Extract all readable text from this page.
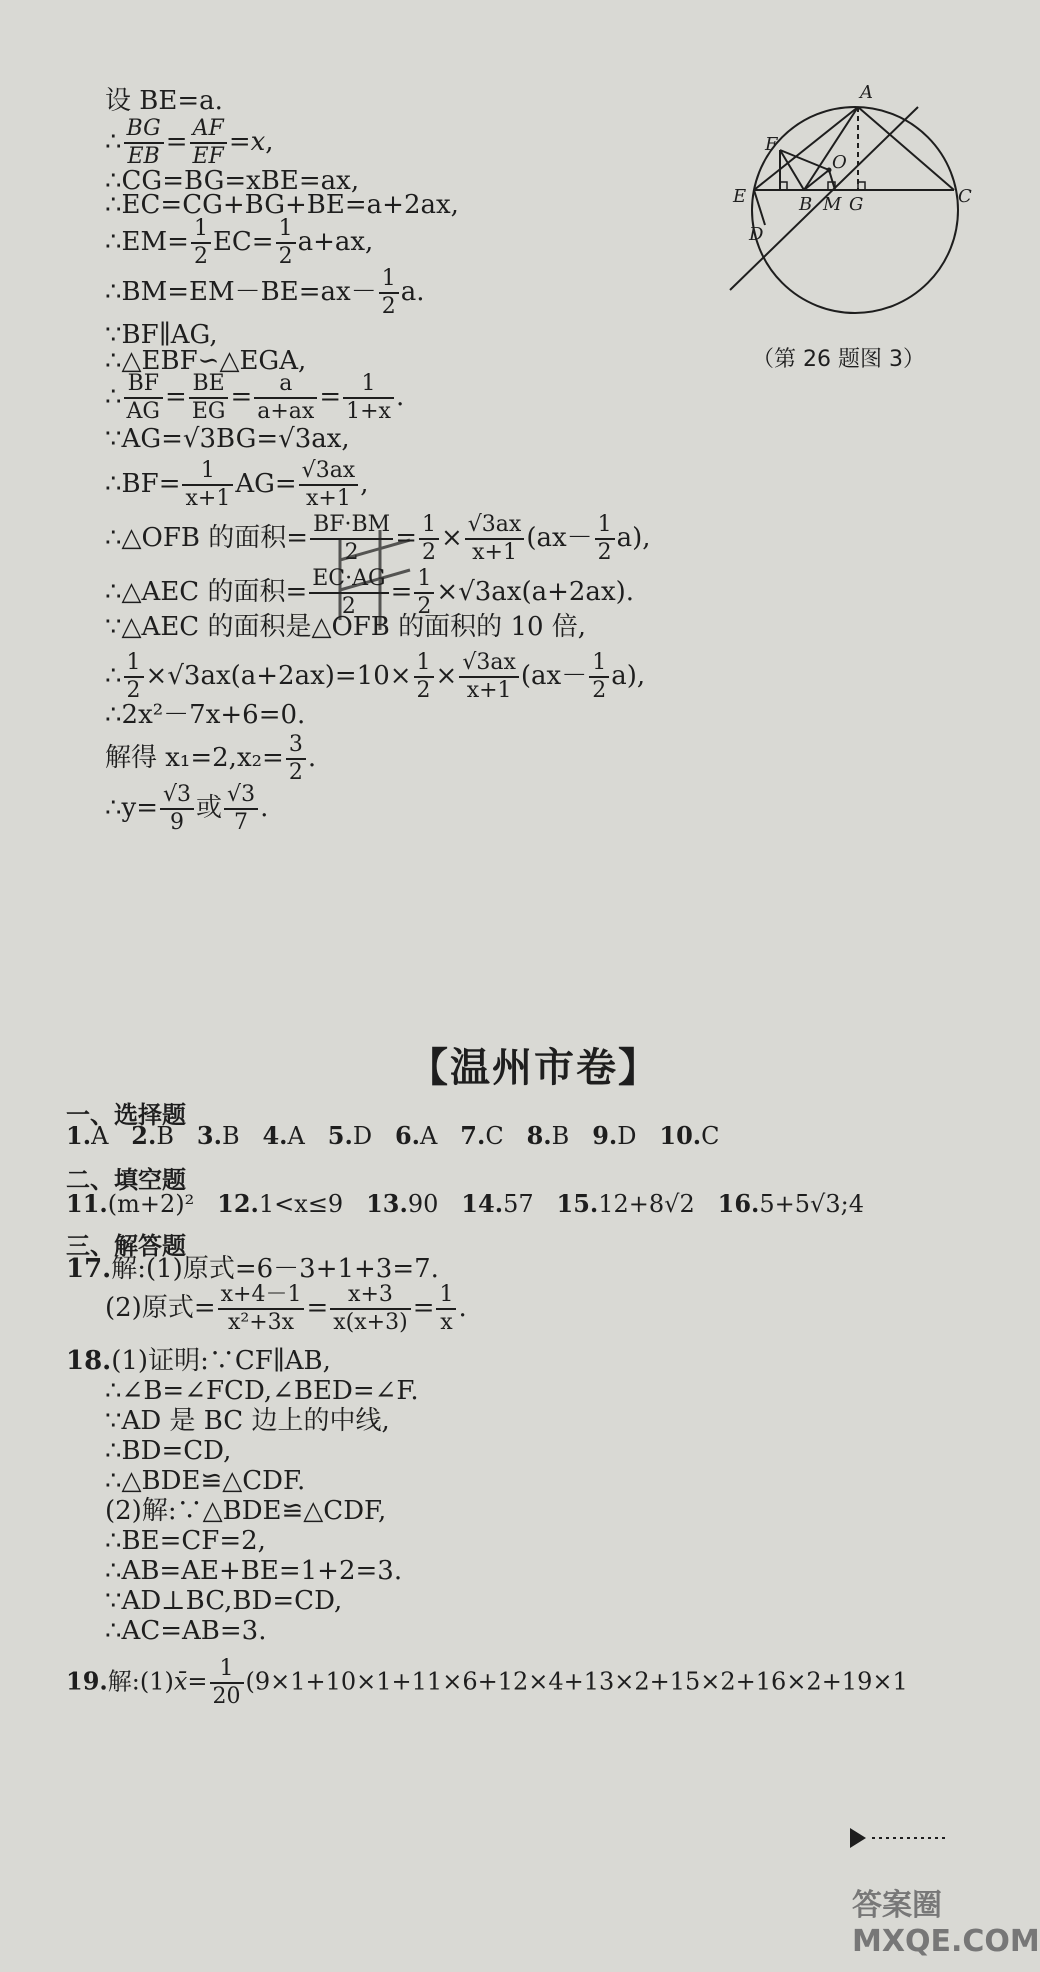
A
F
O
E	B M G	C
D
（第 26 题图 3）
设 BE=a.
∴ $\frac{BG}{EB} = \frac{AF}{EF} =x$,
∴CG=BG=xBE=ax,
∴EC=CG+BG+BE=a+2ax,
∴EM= $\frac{1}{2} EC= \frac{1}{2} a+ax$,
∴BM=EM－BE=ax－ $\frac{1}{2} a$.
∵BF∥AG,
∴△EBF∽△EGA,
∴ $\frac{BF}{AG} = \frac{BE}{EG} = \frac{a}{a+ax} = \frac{1}{1+x}$ .
∵AG=√3BG=√3ax,
∴BF= $\frac{1}{x+1} AG= \frac{√3ax}{x+1}$ ,
∴△OFB 的面积= $\frac{BF\cdot BM}{2} = \frac{1}{2} \times \frac{√3ax}{x+1} (ax- \frac{1}{2} a)$,
∴△AEC 的面积= $\frac{EC\cdot AG}{2} = \frac{1}{2} \times√3ax(a+2ax)$.
∵△AEC 的面积是△OFB 的面积的 10 倍,
∴ $\frac{1}{2} \times√3ax(a+2ax)=10\times \frac{1}{2} \times \frac{√3ax}{x+1} (ax- \frac{1}{2} a)$,
∴2x²－7x+6=0.
解得 $x_1=2,x_2= \frac{3}{2}$ .
∴y= $\frac{√3}{9}$ 或 $\frac{√3}{7}$ .
【温州市卷】
一、选择题
1.A 2.B 3.B 4.A 5.D 6.A 7.C 8.B 9.D 10.C
二、填空题
11.(m+2)² 12.1<x≤9 13.90 14.57 15.12+8√2 16.5+5√3;4
三、解答题
17.解:(1)原式=6－3+1+3=7.
(2)原式= $\frac{x+4-1}{\text{x²+3x}} = \frac{x+3}{x(x+3)} = \frac{1}{x}$ .
18.(1)证明:∵CF∥AB,
∴∠B=∠FCD,∠BED=∠F.
∵AD 是 BC 边上的中线,
∴BD=CD,
∴△BDE≌△CDF.
(2)解:∵△BDE≌△CDF,
∴BE=CF=2,
∴AB=AE+BE=1+2=3.
∵AD⊥BC,BD=CD,
∴AC=AB=3.
19.解:(1)x̄= $\frac{1}{20} (9\times 1+10\times 1+11\times 6+12\times 4+13\times 2+15\times 2+16\times 2+19\times 1$
答案圈 MXQE.COM
